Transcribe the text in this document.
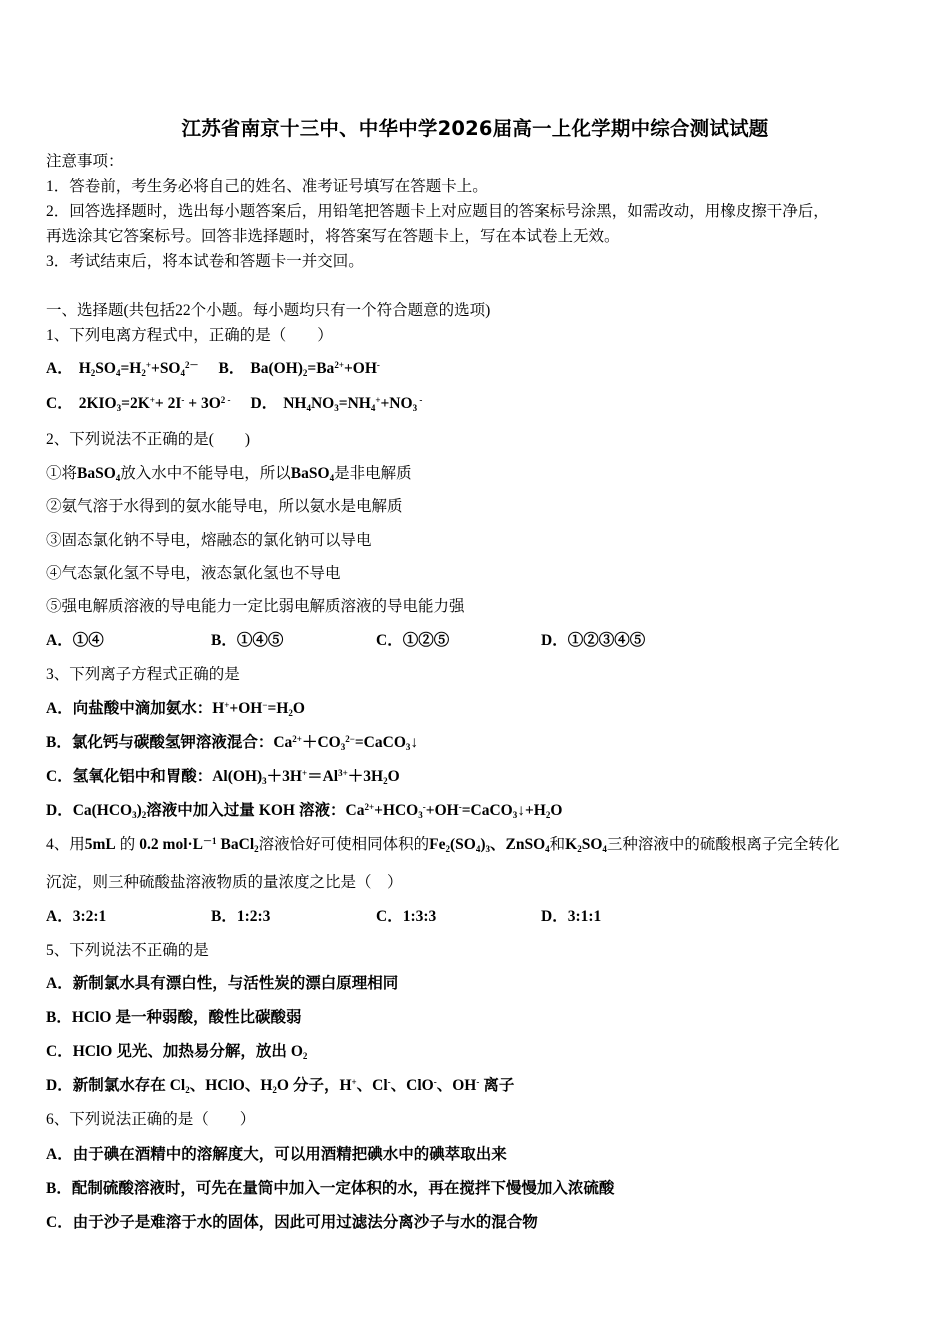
江苏省南京十三中、中华中学2026届高一上化学期中综合测试试题
注意事项：
1．答卷前，考生务必将自己的姓名、准考证号填写在答题卡上。
2．回答选择题时，选出每小题答案后，用铅笔把答题卡上对应题目的答案标号涂黑，如需改动，用橡皮擦干净后，
再选涂其它答案标号。回答非选择题时，将答案写在答题卡上，写在本试卷上无效。
3．考试结束后，将本试卷和答题卡一并交回。
一、选择题(共包括22个小题。每小题均只有一个符合题意的选项)
1、下列电离方程式中，正确的是（　　）
A． $H_2SO_4=H_2^++SO_4^{2-}$ B． $Ba(OH)_2=Ba^{2+}+OH^-$
C． $2KIO_3=2K^++ 2I^- + 3O^{2 -}$ D． $NH_4NO_3=NH_4^++NO_3$ -
2、下列说法不正确的是(　　)
①将BaSO$_4$放入水中不能导电，所以BaSO$_4$是非电解质
②氨气溶于水得到的氨水能导电，所以氨水是电解质
③固态氯化钠不导电，熔融态的氯化钠可以导电
④气态氯化氢不导电，液态氯化氢也不导电
⑤强电解质溶液的导电能力一定比弱电解质溶液的导电能力强
A．①④	B．①④⑤	C．①②⑤	D．①②③④⑤
3、下列离子方程式正确的是
A．向盐酸中滴加氨水：$H^++OH^-=H_2O$
B．氯化钙与碳酸氢钾溶液混合：$Ca^{2+}+CO_3^{2-}=CaCO_3↓$
C．氢氧化铝中和胃酸：$Al(OH)_3+3H^+=Al^{3+}+3H_2O$
D．$Ca(HCO_3)_2$溶液中加入过量 KOH 溶液：$Ca^{2+}+HCO_3^-+OH^-=CaCO_3↓+H_2O$
4、用5mL 的 0.2 $mol\cdot L^{-1}$ BaCl$_2$溶液恰好可使相同体积的$Fe_2(SO_4)_3$、ZnSO$_4$和$K_2SO_4$三种溶液中的硫酸根离子完全转化
沉淀，则三种硫酸盐溶液物质的量浓度之比是（　）
A．3:2:1	B．1:2:3	C．1:3:3	D．3:1:1
5、下列说法不正确的是
A．新制氯水具有漂白性，与活性炭的漂白原理相同
B．HClO 是一种弱酸，酸性比碳酸弱
C．HClO 见光、加热易分解，放出 $O_2$
D．新制氯水存在 $Cl_2$、HClO、$H_2O$ 分子，H+、Cl-、ClO-、OH- 离子
6、下列说法正确的是（　　）
A．由于碘在酒精中的溶解度大，可以用酒精把碘水中的碘萃取出来
B．配制硫酸溶液时，可先在量筒中加入一定体积的水，再在搅拌下慢慢加入浓硫酸
C．由于沙子是难溶于水的固体，因此可用过滤法分离沙子与水的混合物
